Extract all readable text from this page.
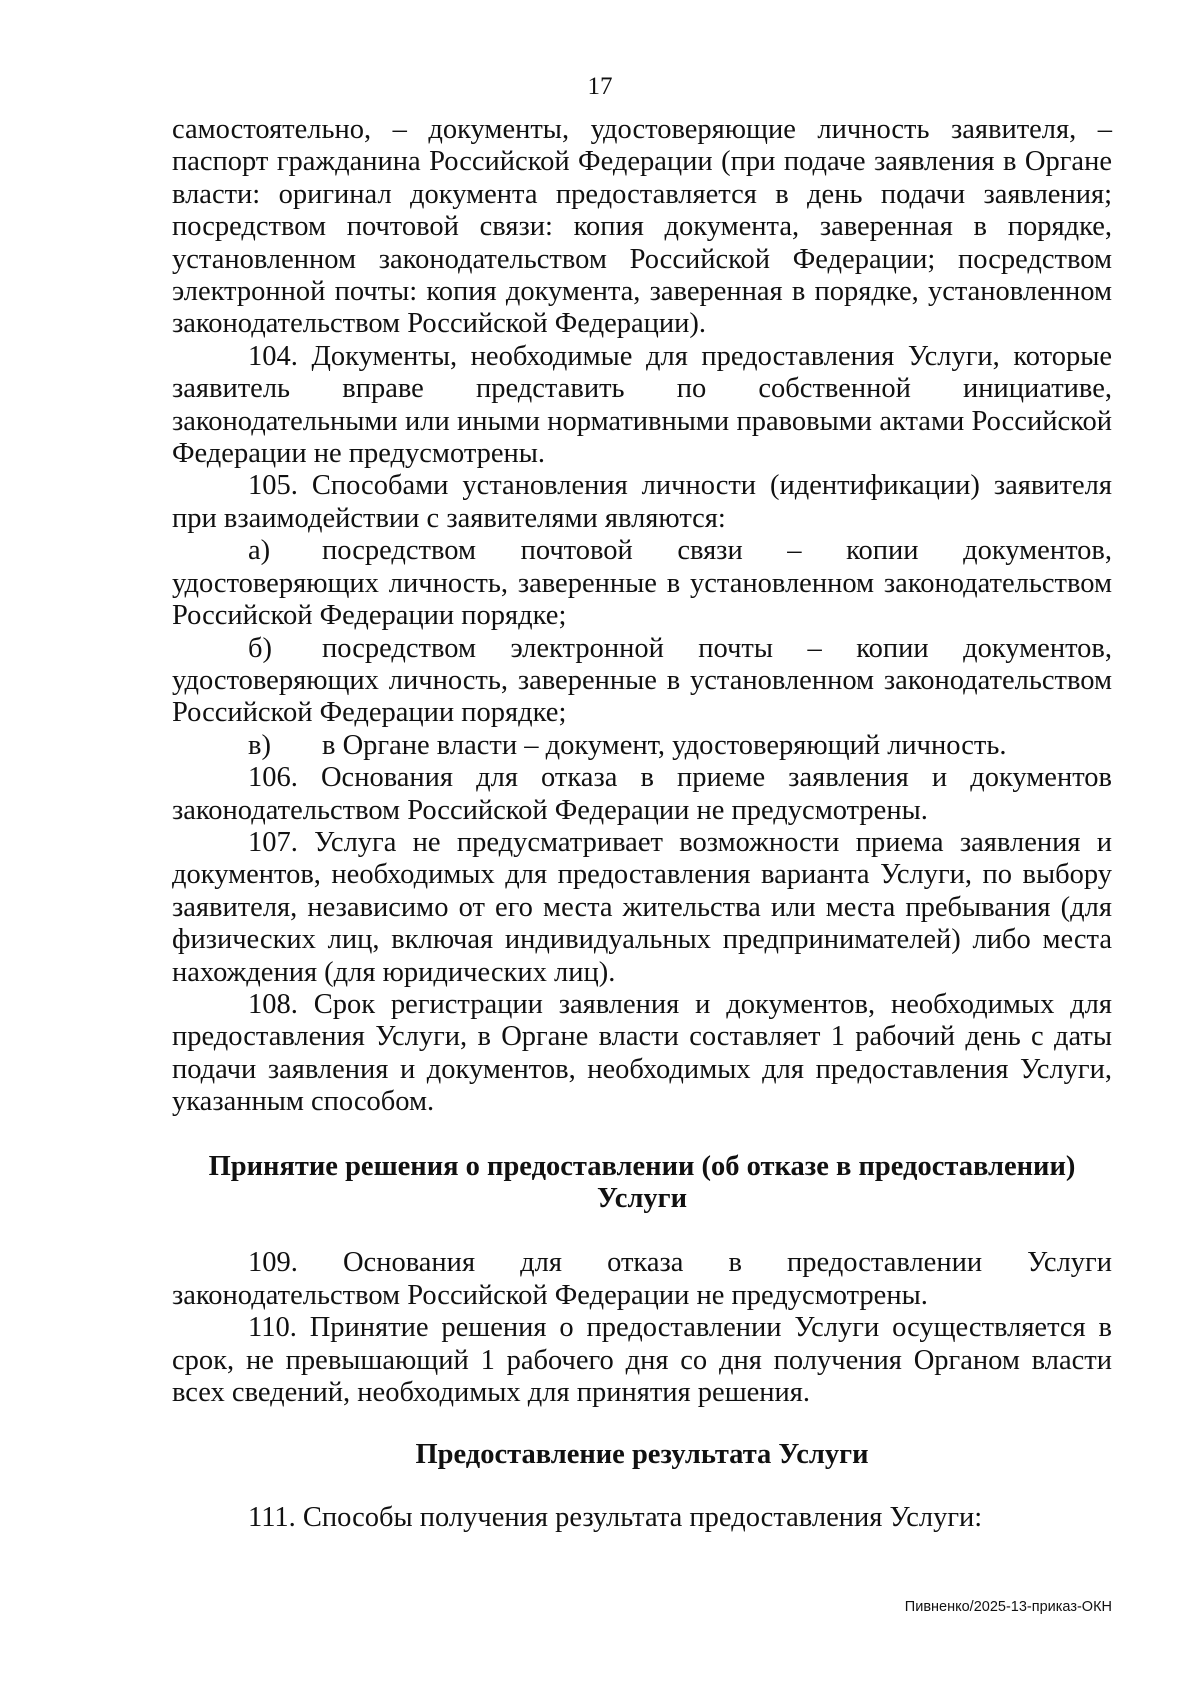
17

самостоятельно, – документы, удостоверяющие личность заявителя, – паспорт гражданина Российской Федерации (при подаче заявления в Органе власти: оригинал документа предоставляется в день подачи заявления; посредством почтовой связи: копия документа, заверенная в порядке, установленном законодательством Российской Федерации; посредством электронной почты: копия документа, заверенная в порядке, установленном законодательством Российской Федерации).

104. Документы, необходимые для предоставления Услуги, которые заявитель вправе представить по собственной инициативе, законодательными или иными нормативными правовыми актами Российской Федерации не предусмотрены.

105. Способами установления личности (идентификации) заявителя при взаимодействии с заявителями являются:

а) посредством почтовой связи – копии документов, удостоверяющих личность, заверенные в установленном законодательством Российской Федерации порядке;

б) посредством электронной почты – копии документов, удостоверяющих личность, заверенные в установленном законодательством Российской Федерации порядке;

в) в Органе власти – документ, удостоверяющий личность.

106. Основания для отказа в приеме заявления и документов законодательством Российской Федерации не предусмотрены.

107. Услуга не предусматривает возможности приема заявления и документов, необходимых для предоставления варианта Услуги, по выбору заявителя, независимо от его места жительства или места пребывания (для физических лиц, включая индивидуальных предпринимателей) либо места нахождения (для юридических лиц).

108. Срок регистрации заявления и документов, необходимых для предоставления Услуги, в Органе власти составляет 1 рабочий день с даты подачи заявления и документов, необходимых для предоставления Услуги, указанным способом.

Принятие решения о предоставлении (об отказе в предоставлении)
Услуги

109. Основания для отказа в предоставлении Услуги законодательством Российской Федерации не предусмотрены.

110. Принятие решения о предоставлении Услуги осуществляется в срок, не превышающий 1 рабочего дня со дня получения Органом власти всех сведений, необходимых для принятия решения.

Предоставление результата Услуги

111. Способы получения результата предоставления Услуги:

Пивненко/2025-13-приказ-ОКН
